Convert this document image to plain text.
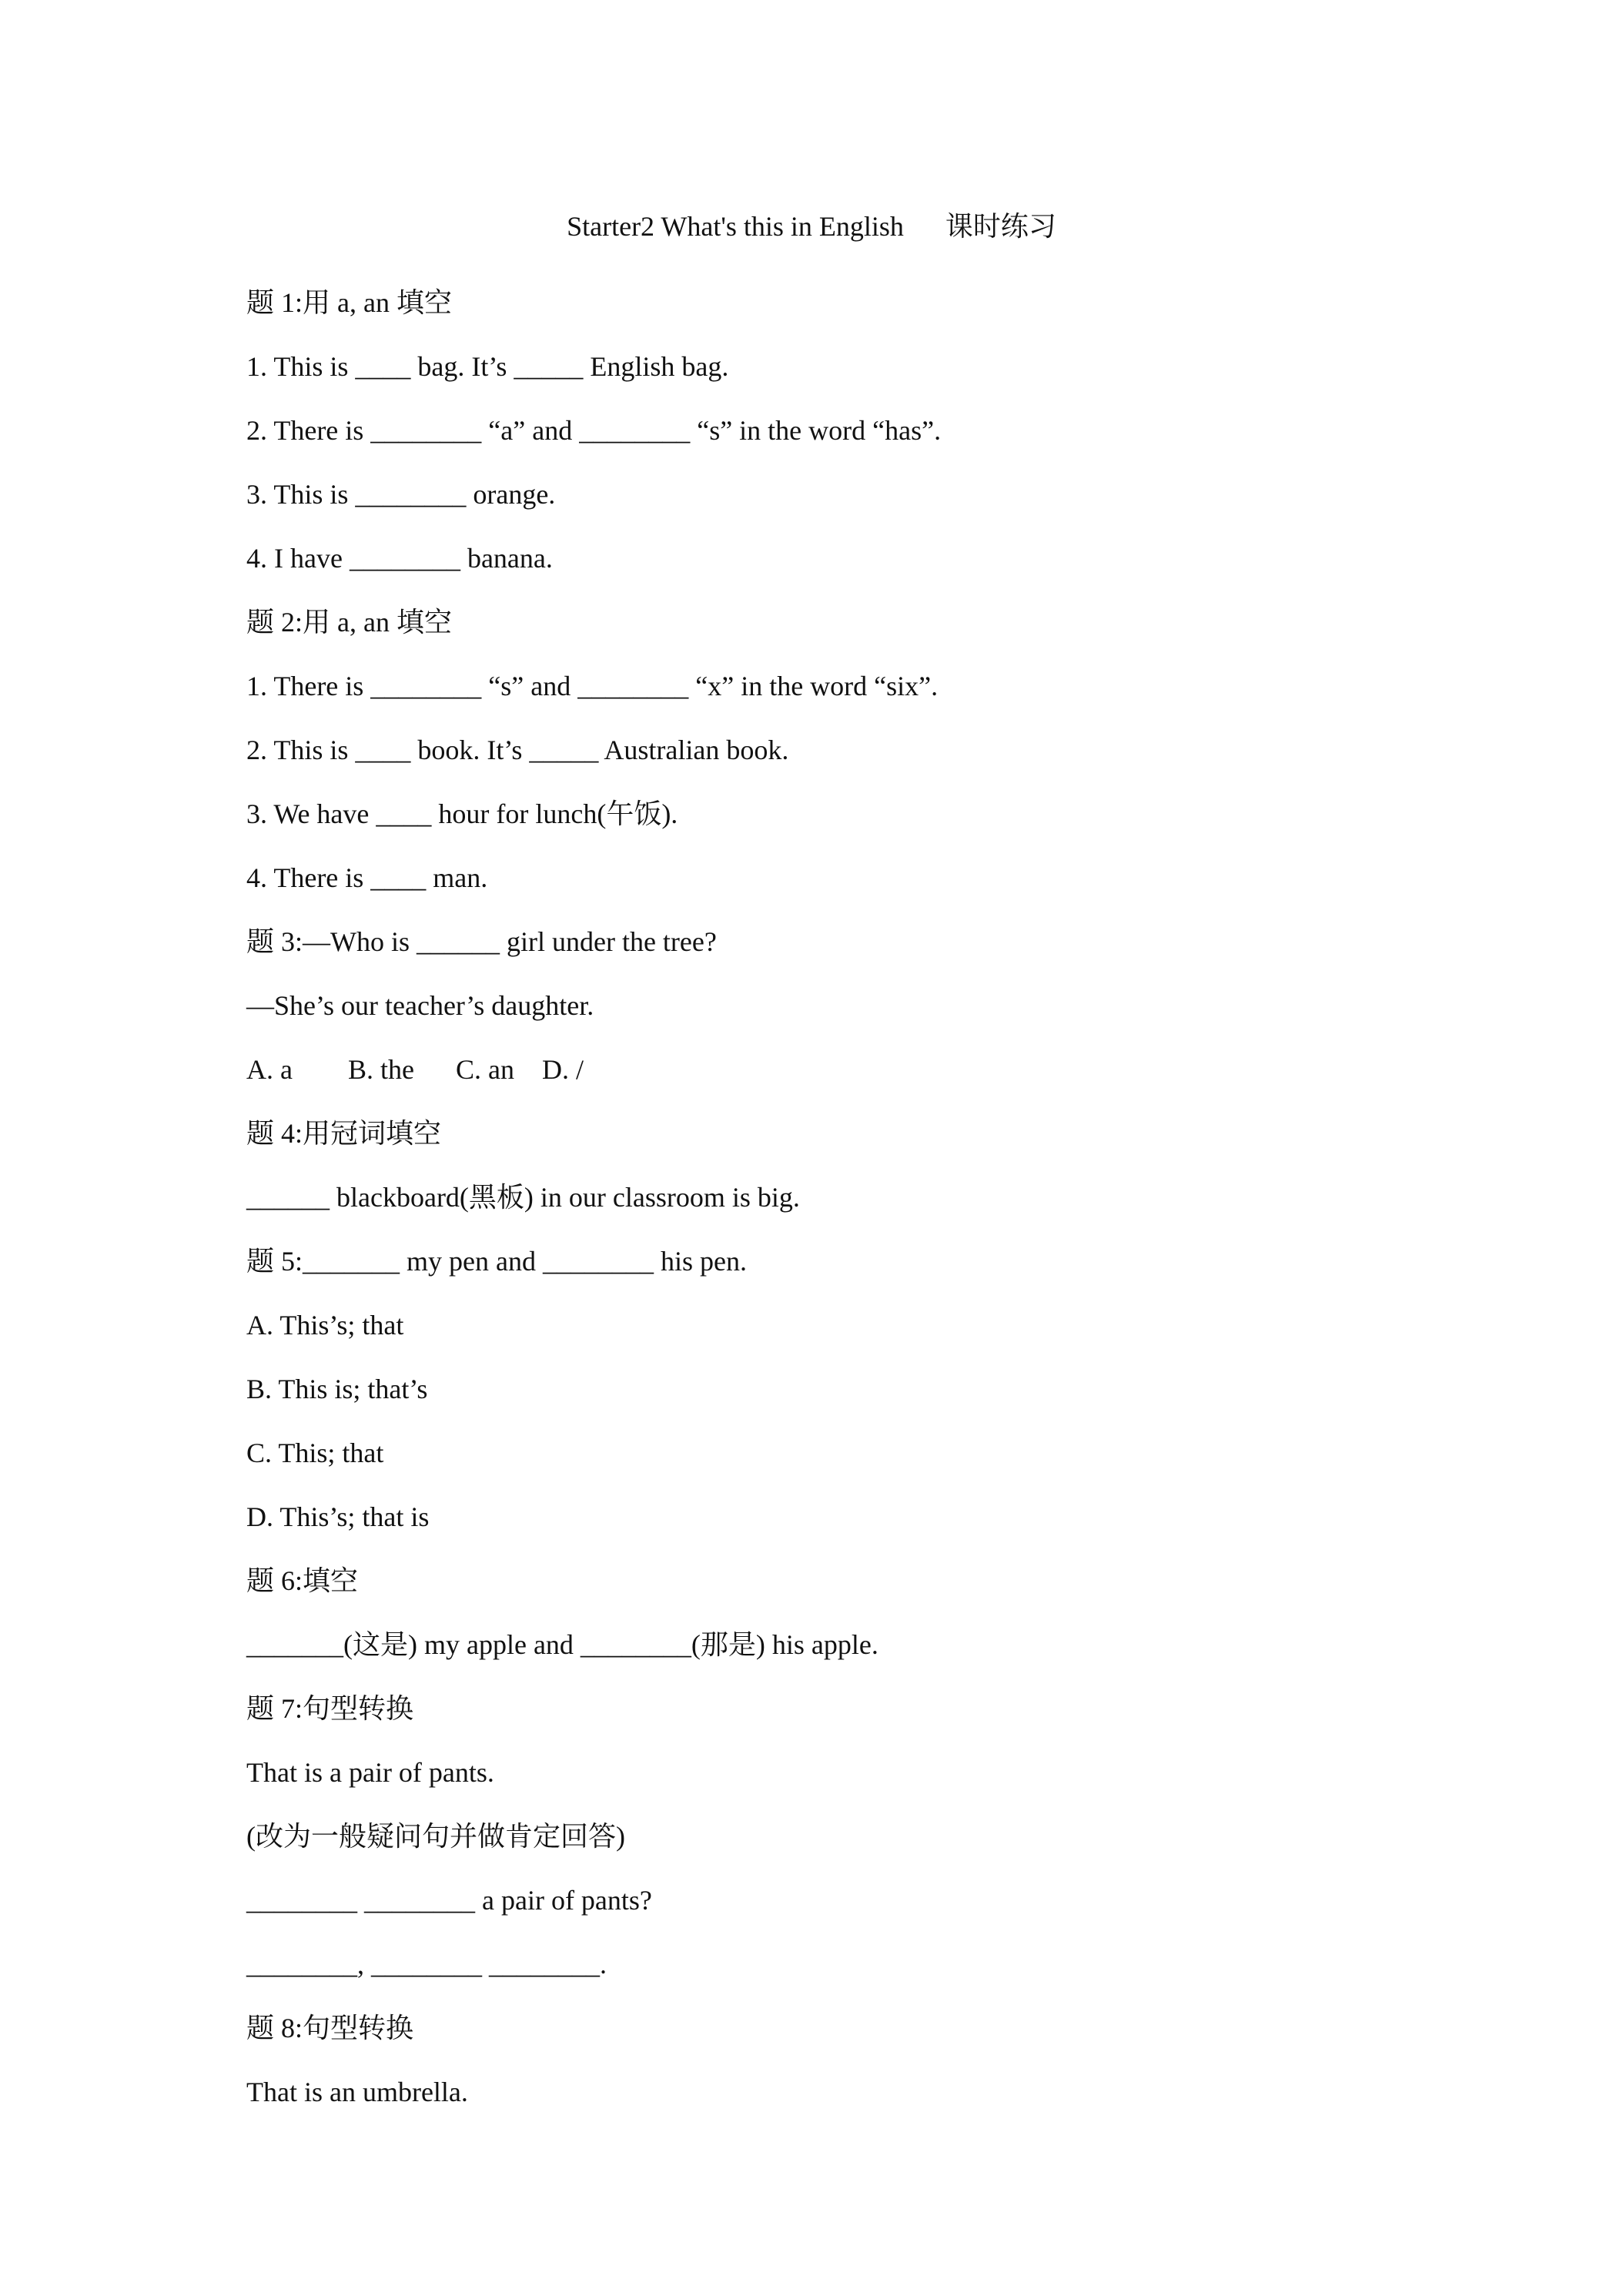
Starter2 What's this in English      课时练习
题 1:用 a, an 填空
1. This is ____ bag. It’s _____ English bag.
2. There is ________ “a” and ________ “s” in the word “has”.
3. This is ________ orange.
4. I have ________ banana.
题 2:用 a, an 填空
1. There is ________ “s” and ________ “x” in the word “six”.
2. This is ____ book. It’s _____ Australian book.
3. We have ____ hour for lunch(午饭).
4. There is ____ man.
题 3:—Who is ______ girl under the tree?
—She’s our teacher’s daughter.
A. a        B. the      C. an    D. /
题 4:用冠词填空
______ blackboard(黑板) in our classroom is big.
题 5:_______ my pen and ________ his pen.
A. This’s; that
B. This is; that’s
C. This; that
D. This’s; that is
题 6:填空
_______(这是) my apple and ________(那是) his apple.
题 7:句型转换
That is a pair of pants.
(改为一般疑问句并做肯定回答)
________ ________ a pair of pants?
________, ________ ________.
题 8:句型转换
That is an umbrella.
